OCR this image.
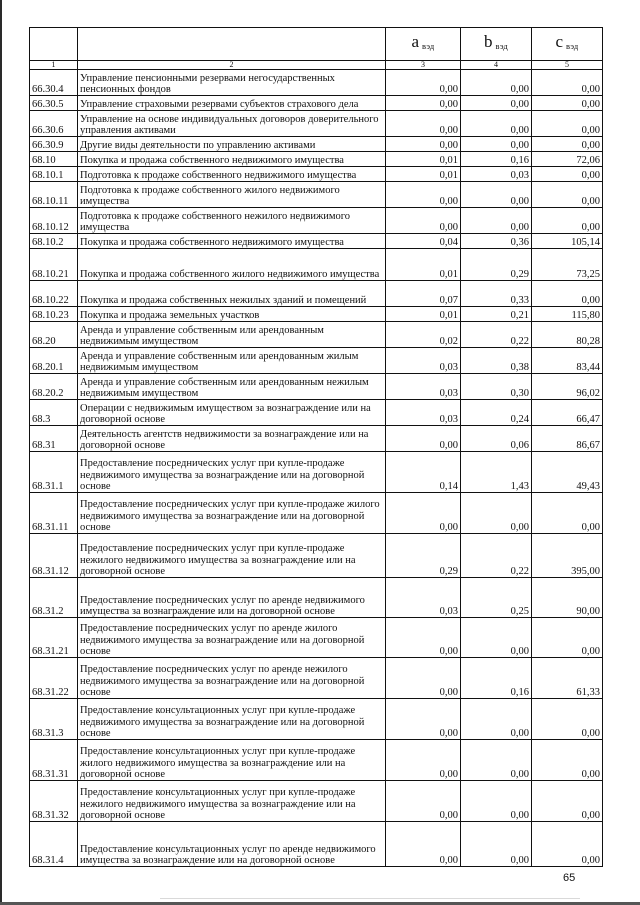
		a вэд	b вэд	c вэд
1	2	3	4	5
66.30.4	Управление пенсионными резервами негосударственных пенсионных фондов	0,00	0,00	0,00
66.30.5	Управление страховыми резервами субъектов страхового дела	0,00	0,00	0,00
66.30.6	Управление на основе индивидуальных договоров доверительного управления активами	0,00	0,00	0,00
66.30.9	Другие виды деятельности по управлению активами	0,00	0,00	0,00
68.10	Покупка и продажа собственного недвижимого имущества	0,01	0,16	72,06
68.10.1	Подготовка к продаже собственного недвижимого имущества	0,01	0,03	0,00
68.10.11	Подготовка к продаже собственного жилого недвижимого имущества	0,00	0,00	0,00
68.10.12	Подготовка к продаже собственного нежилого недвижимого имущества	0,00	0,00	0,00
68.10.2	Покупка и продажа собственного недвижимого имущества	0,04	0,36	105,14
68.10.21	Покупка и продажа собственного жилого недвижимого имущества	0,01	0,29	73,25
68.10.22	Покупка и продажа собственных нежилых зданий и помещений	0,07	0,33	0,00
68.10.23	Покупка и продажа земельных участков	0,01	0,21	115,80
68.20	Аренда и управление собственным или арендованным недвижимым имуществом	0,02	0,22	80,28
68.20.1	Аренда и управление собственным или арендованным жилым недвижимым имуществом	0,03	0,38	83,44
68.20.2	Аренда и управление собственным или арендованным нежилым недвижимым имуществом	0,03	0,30	96,02
68.3	Операции с недвижимым имуществом за вознаграждение или на договорной основе	0,03	0,24	66,47
68.31	Деятельность агентств недвижимости за вознаграждение или на договорной основе	0,00	0,06	86,67
68.31.1	Предоставление посреднических услуг при купле-продаже недвижимого имущества за вознаграждение или на договорной основе	0,14	1,43	49,43
68.31.11	Предоставление посреднических услуг при купле-продаже жилого недвижимого имущества за вознаграждение или на договорной основе	0,00	0,00	0,00
68.31.12	Предоставление посреднических услуг при купле-продаже нежилого недвижимого имущества за вознаграждение или на договорной основе	0,29	0,22	395,00
68.31.2	Предоставление посреднических услуг по аренде недвижимого имущества за вознаграждение или на договорной основе	0,03	0,25	90,00
68.31.21	Предоставление посреднических услуг по аренде жилого недвижимого имущества за вознаграждение или на договорной основе	0,00	0,00	0,00
68.31.22	Предоставление посреднических услуг по аренде нежилого недвижимого имущества за вознаграждение или на договорной основе	0,00	0,16	61,33
68.31.3	Предоставление консультационных услуг при купле-продаже недвижимого имущества за вознаграждение или на договорной основе	0,00	0,00	0,00
68.31.31	Предоставление консультационных услуг при купле-продаже жилого недвижимого имущества за вознаграждение или на договорной основе	0,00	0,00	0,00
68.31.32	Предоставление консультационных услуг при купле-продаже нежилого недвижимого имущества за вознаграждение или на договорной основе	0,00	0,00	0,00
68.31.4	Предоставление консультационных услуг по аренде недвижимого имущества за вознаграждение или на договорной основе	0,00	0,00	0,00
65
